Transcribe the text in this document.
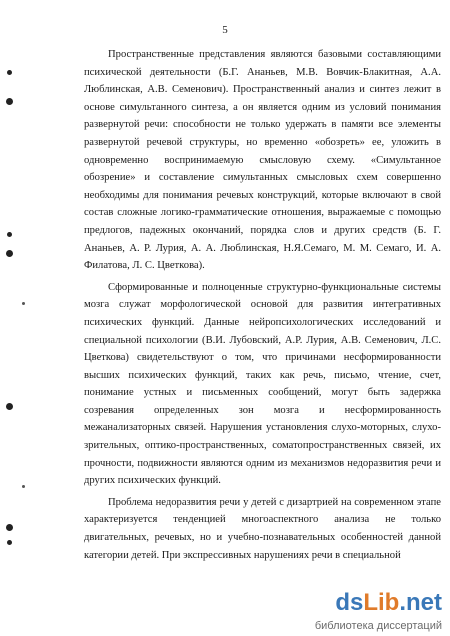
5

Пространственные представления являются базовыми составляющими психической деятельности (Б.Г. Ананьев, М.В. Вовчик-Блакитная, А.А. Люблинская, А.В. Семенович). Пространственный анализ и синтез лежит в основе симультанного синтеза, а он является одним из условий понимания развернутой речи: способности не только удержать в памяти все элементы развернутой речевой структуры, но временно «обозреть» ее, уложить в одновременно воспринимаемую смысловую схему. «Симультанное обозрение» и составление симультанных смысловых схем совершенно необходимы для понимания речевых конструкций, которые включают в свой состав сложные логико-грамматические отношения, выражаемые с помощью предлогов, падежных окончаний, порядка слов и других средств (Б. Г. Ананьев, А. Р. Лурия, А. А. Люблинская, Н.Я.Семаго, М. М. Семаго, И. А. Филатова, Л. С. Цветкова).

Сформированные и полноценные структурно-функциональные системы мозга служат морфологической основой для развития интегративных психических функций. Данные нейропсихологических исследований и специальной психологии (В.И. Лубовский, А.Р. Лурия, А.В. Семенович, Л.С. Цветкова) свидетельствуют о том, что причинами несформированности высших психических функций, таких как речь, письмо, чтение, счет, понимание устных и письменных сообщений, могут быть задержка созревания определенных зон мозга и несформированность межанализаторных связей. Нарушения установления слухо-моторных, слухо-зрительных, оптико-пространственных, соматопространственных связей, их прочности, подвижности являются одним из механизмов недоразвития речи и других психических функций.

Проблема недоразвития речи у детей с дизартрией на современном этапе характеризуется тенденцией многоаспектного анализа не только двигательных, речевых, но и учебно-познавательных особенностей данной категории детей. При экспрессивных нарушениях речи в специальной

dsLib.net
библиотека диссертаций
